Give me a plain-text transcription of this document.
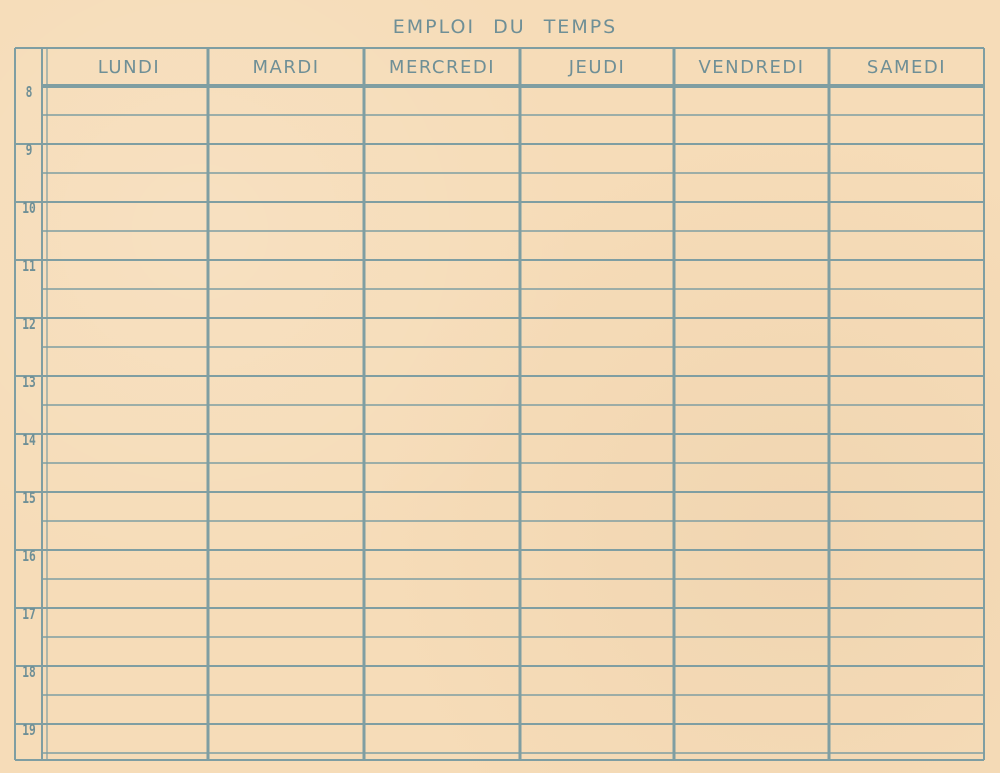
EMPLOI DU TEMPS
LUNDI	MARDI	MERCREDI	JEUDI	VENDREDI	SAMEDI
8
9
10
11
12
13
14
15
16
17
18
19
